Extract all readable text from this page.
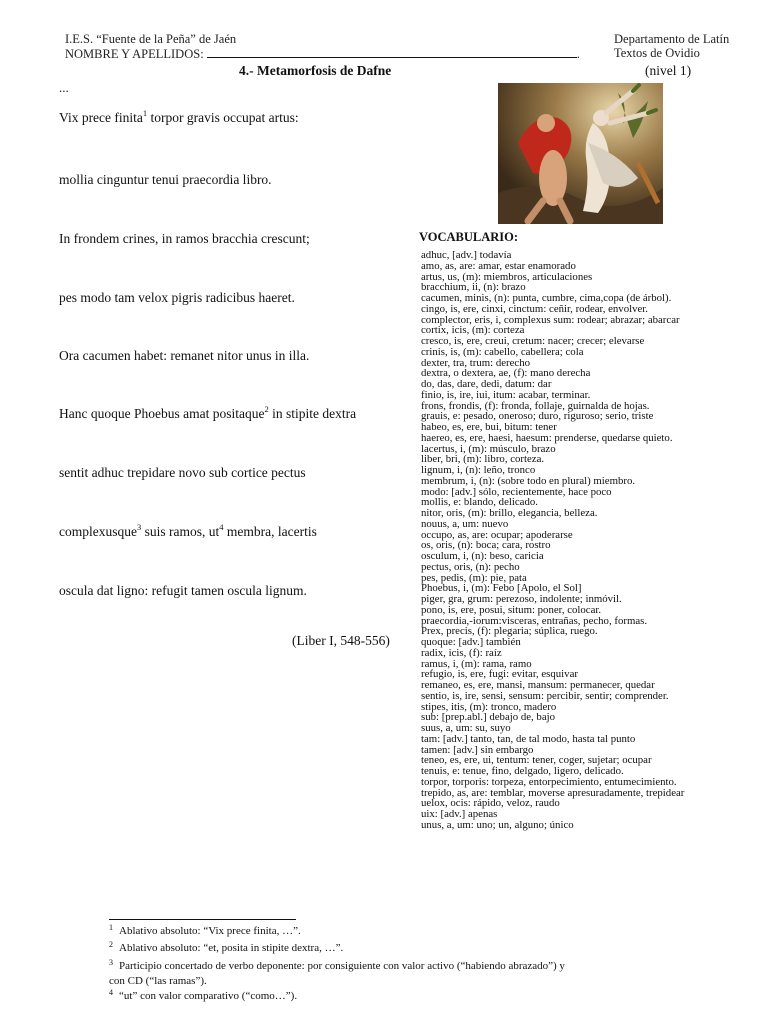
I.E.S. “Fuente de la Peña” de Jaén
NOMBRE Y APELLIDOS:	.
Departamento de Latín
Textos de Ovidio
4.- Metamorfosis de Dafne	(nivel 1)
...
Vix prece finita$^1$ torpor gravis occupat artus:
mollia cinguntur tenui praecordia libro.
In frondem crines, in ramos bracchia crescunt;
pes modo tam velox pigris radicibus haeret.
Ora cacumen habet: remanet nitor unus in illa.
Hanc quoque Phoebus amat positaque$^2$ in stipite dextra
sentit adhuc trepidare novo sub cortice pectus
complexusque$^3$ suis ramos, $ut^4$ membra, lacertis
oscula dat ligno: refugit tamen oscula lignum.
(Liber I, 548-556)
VOCABULARIO:
adhuc, [adv.] todavía
amo, as, are: amar, estar enamorado
artus, us, (m): miembros, articulaciones
bracchium, ii, (n): brazo
cacumen, minis, (n): punta, cumbre, cima,copa (de árbol).
cingo, is, ere, cinxi, cinctum: ceñir, rodear, envolver.
complector, eris, i, complexus sum: rodear; abrazar; abarcar
cortix, icis, (m): corteza
cresco, is, ere, creui, cretum: nacer; crecer; elevarse
crinis, is, (m): cabello, cabellera; cola
dexter, tra, trum: derecho
dextra, o dextera, ae, (f): mano derecha
do, das, dare, dedi, datum: dar
finio, is, ire, iui, itum: acabar, terminar.
frons, frondis, (f): fronda, follaje, guirnalda de hojas.
grauis, e: pesado, oneroso; duro, riguroso; serio, triste
habeo, es, ere, bui, bitum: tener
haereo, es, ere, haesi, haesum: prenderse, quedarse quieto.
lacertus, i, (m): músculo, brazo
liber, bri, (m): libro, corteza.
lignum, i, (n): leño, tronco
membrum, i, (n): (sobre todo en plural) miembro.
modo: [adv.] sólo, recientemente, hace poco
mollis, e: blando, delicado.
nitor, oris, (m): brillo, elegancia, belleza.
nouus, a, um: nuevo
occupo, as, are: ocupar; apoderarse
os, oris, (n): boca; cara, rostro
osculum, i, (n): beso, caricia
pectus, oris, (n): pecho
pes, pedis, (m): pie, pata
Phoebus, i, (m): Febo [Apolo, el Sol]
piger, gra, grum: perezoso, indolente; inmóvil.
pono, is, ere, posui, situm: poner, colocar.
praecordia,-iorum:visceras, entrañas, pecho, formas.
Prex, precis, (f): plegaria; súplica, ruego.
quoque: [adv.] también
radix, icis, (f): raíz
ramus, i, (m): rama, ramo
refugio, is, ere, fugi: evitar, esquivar
remaneo, es, ere, mansi, mansum: permanecer, quedar
sentio, is, ire, sensi, sensum: percibir, sentir; comprender.
stipes, itis, (m): tronco, madero
sub: [prep.abl.] debajo de, bajo
suus, a, um: su, suyo
tam: [adv.] tanto, tan, de tal modo, hasta tal punto
tamen: [adv.] sin embargo
teneo, es, ere, ui, tentum: tener, coger, sujetar; ocupar
tenuis, e: tenue, fino, delgado, ligero, delicado.
torpor, torporis: torpeza, entorpecimiento, entumecimiento.
trepido, as, are: temblar, moverse apresuradamente, trepidear
uelox, ocis: rápido, veloz, raudo
uix: [adv.] apenas
unus, a, um: uno; un, alguno; único
$^1$ Ablativo absoluto: “Vix prece finita, …”.
$^2$ Ablativo absoluto: “et, posita in stipite dextra, …”.
$^3$ Participio concertado de verbo deponente: por consiguiente con valor activo (“habiendo abrazado”) y
con CD (“las ramas”).
$^4$ “ut” con valor comparativo (“como…”).
